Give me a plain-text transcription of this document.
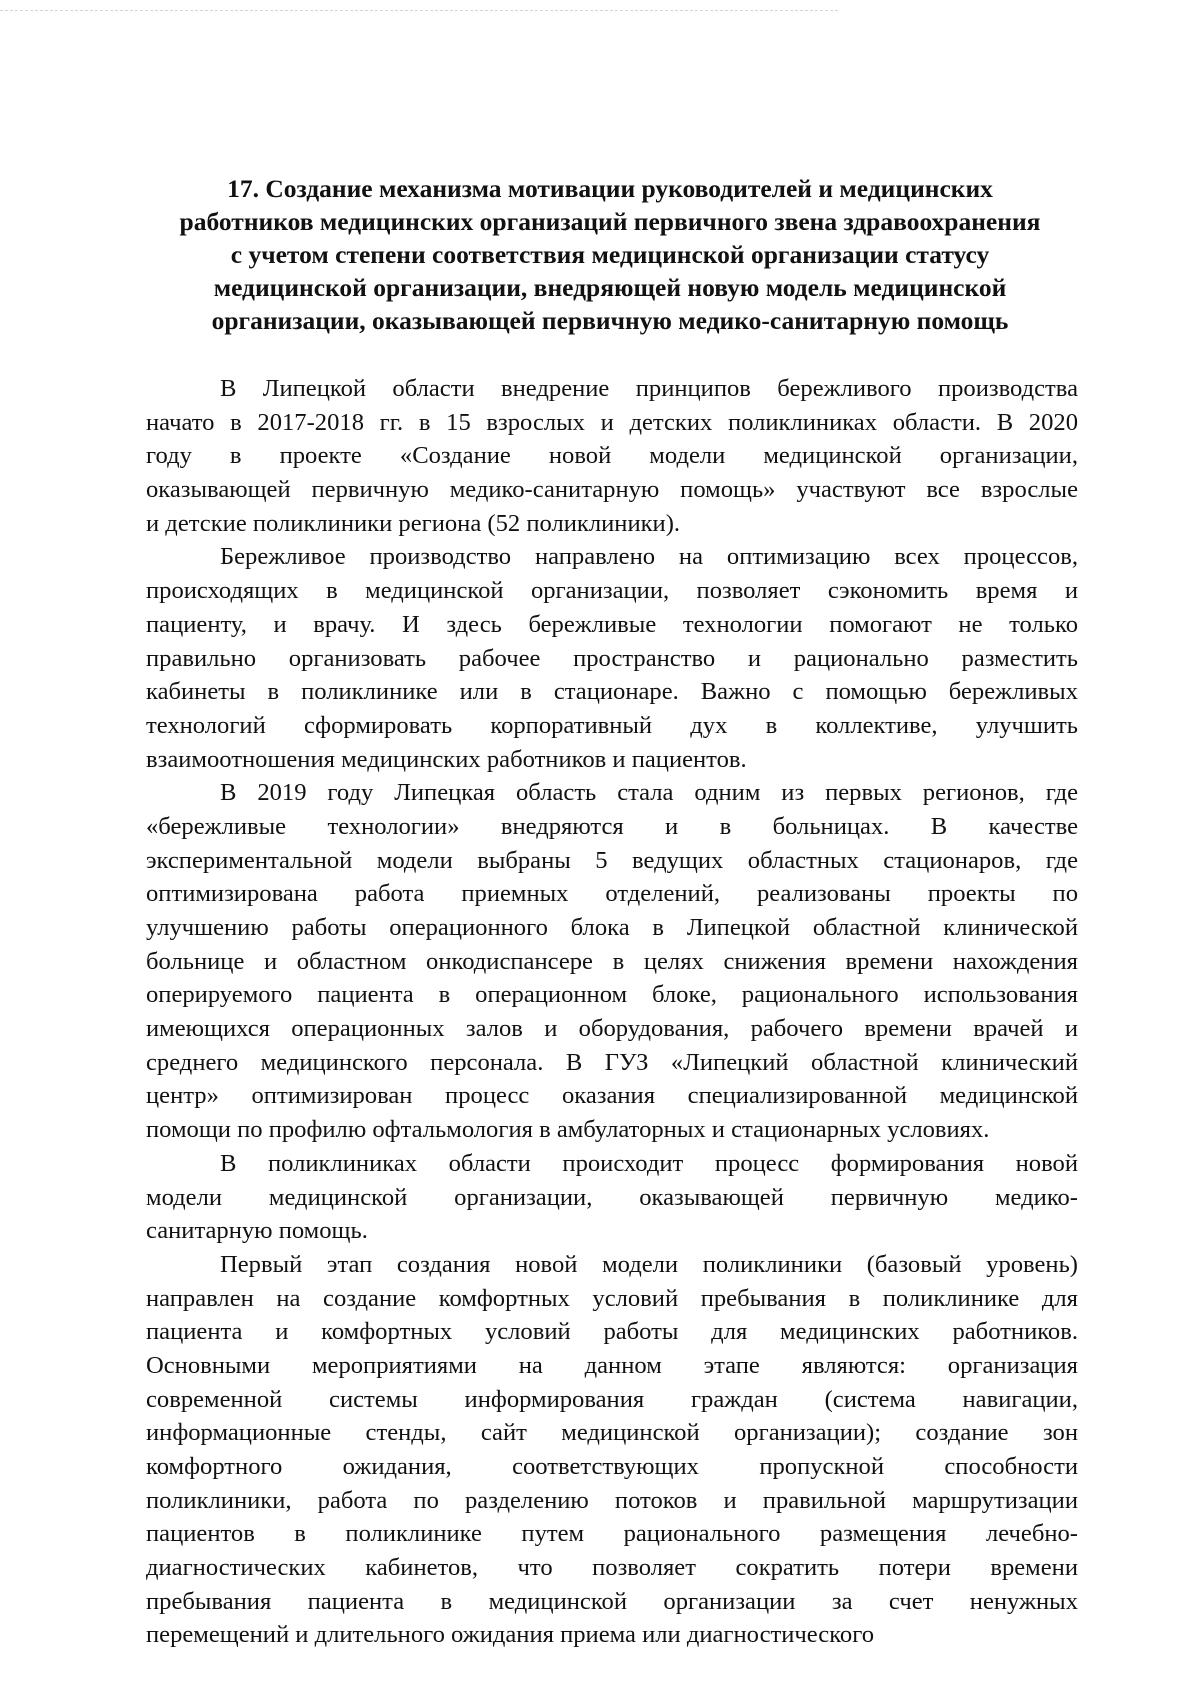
17. Создание механизма мотивации руководителей и медицинских
работников медицинских организаций первичного звена здравоохранения
с учетом степени соответствия медицинской организации статусу
медицинской организации, внедряющей новую модель медицинской
организации, оказывающей первичную медико-санитарную помощь
В Липецкой области внедрение принципов бережливого производства
начато в 2017-2018 гг. в 15 взрослых и детских поликлиниках области. В 2020
году в проекте «Создание новой модели медицинской организации,
оказывающей первичную медико-санитарную помощь» участвуют все взрослые
и детские поликлиники региона (52 поликлиники).
Бережливое производство направлено на оптимизацию всех процессов,
происходящих в медицинской организации, позволяет сэкономить время и
пациенту, и врачу. И здесь бережливые технологии помогают не только
правильно организовать рабочее пространство и рационально разместить
кабинеты в поликлинике или в стационаре. Важно с помощью бережливых
технологий сформировать корпоративный дух в коллективе, улучшить
взаимоотношения медицинских работников и пациентов.
В 2019 году Липецкая область стала одним из первых регионов, где
«бережливые технологии» внедряются и в больницах. В качестве
экспериментальной модели выбраны 5 ведущих областных стационаров, где
оптимизирована работа приемных отделений, реализованы проекты по
улучшению работы операционного блока в Липецкой областной клинической
больнице и областном онкодиспансере в целях снижения времени нахождения
оперируемого пациента в операционном блоке, рационального использования
имеющихся операционных залов и оборудования, рабочего времени врачей и
среднего медицинского персонала. В ГУЗ «Липецкий областной клинический
центр» оптимизирован процесс оказания специализированной медицинской
помощи по профилю офтальмология в амбулаторных и стационарных условиях.
В поликлиниках области происходит процесс формирования новой
модели медицинской организации, оказывающей первичную медико-
санитарную помощь.
Первый этап создания новой модели поликлиники (базовый уровень)
направлен на создание комфортных условий пребывания в поликлинике для
пациента и комфортных условий работы для медицинских работников.
Основными мероприятиями на данном этапе являются: организация
современной системы информирования граждан (система навигации,
информационные стенды, сайт медицинской организации); создание зон
комфортного ожидания, соответствующих пропускной способности
поликлиники, работа по разделению потоков и правильной маршрутизации
пациентов в поликлинике путем рационального размещения лечебно-
диагностических кабинетов, что позволяет сократить потери времени
пребывания пациента в медицинской организации за счет ненужных
перемещений и длительного ожидания приема или диагностического
